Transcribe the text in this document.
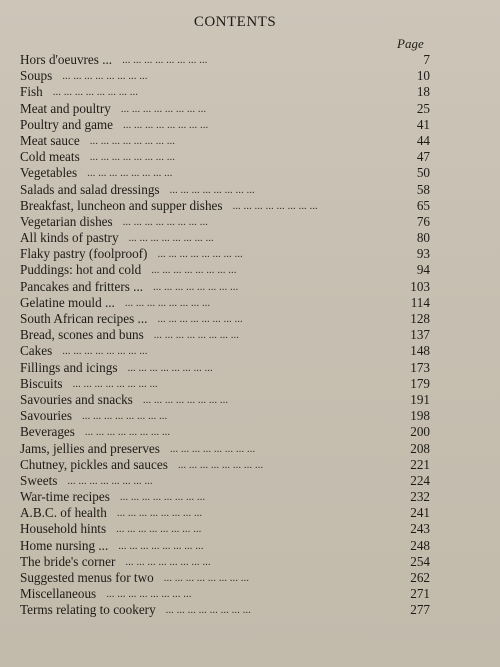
CONTENTS
Page
... ... ... ... ... ... ... ...
Hors d'oeuvres ...	7
... ... ... ... ... ... ... ...
Soups	10
... ... ... ... ... ... ... ...
Fish	18
... ... ... ... ... ... ... ...
Meat and poultry	25
... ... ... ... ... ... ... ...
Poultry and game	41
... ... ... ... ... ... ... ...
Meat sauce	44
... ... ... ... ... ... ... ...
Cold meats	47
... ... ... ... ... ... ... ...
Vegetables	50
... ... ... ... ... ... ... ...
Salads and salad dressings	58
... ... ... ... ... ... ... ...
Breakfast, luncheon and supper dishes	65
... ... ... ... ... ... ... ...
Vegetarian dishes	76
... ... ... ... ... ... ... ...
All kinds of pastry	80
... ... ... ... ... ... ... ...
Flaky pastry (foolproof)	93
... ... ... ... ... ... ... ...
Puddings: hot and cold	94
... ... ... ... ... ... ... ...
Pancakes and fritters ...	103
... ... ... ... ... ... ... ...
Gelatine mould ...	114
... ... ... ... ... ... ... ...
South African recipes ...	128
... ... ... ... ... ... ... ...
Bread, scones and buns	137
... ... ... ... ... ... ... ...
Cakes	148
... ... ... ... ... ... ... ...
Fillings and icings	173
... ... ... ... ... ... ... ...
Biscuits	179
... ... ... ... ... ... ... ...
Savouries and snacks	191
... ... ... ... ... ... ... ...
Savouries	198
... ... ... ... ... ... ... ...
Beverages	200
... ... ... ... ... ... ... ...
Jams, jellies and preserves	208
... ... ... ... ... ... ... ...
Chutney, pickles and sauces	221
... ... ... ... ... ... ... ...
Sweets	224
... ... ... ... ... ... ... ...
War-time recipes	232
... ... ... ... ... ... ... ...
A.B.C. of health	241
... ... ... ... ... ... ... ...
Household hints	243
... ... ... ... ... ... ... ...
Home nursing ...	248
... ... ... ... ... ... ... ...
The bride's corner	254
... ... ... ... ... ... ... ...
Suggested menus for two	262
... ... ... ... ... ... ... ...
Miscellaneous	271
... ... ... ... ... ... ... ...
Terms relating to cookery	277
